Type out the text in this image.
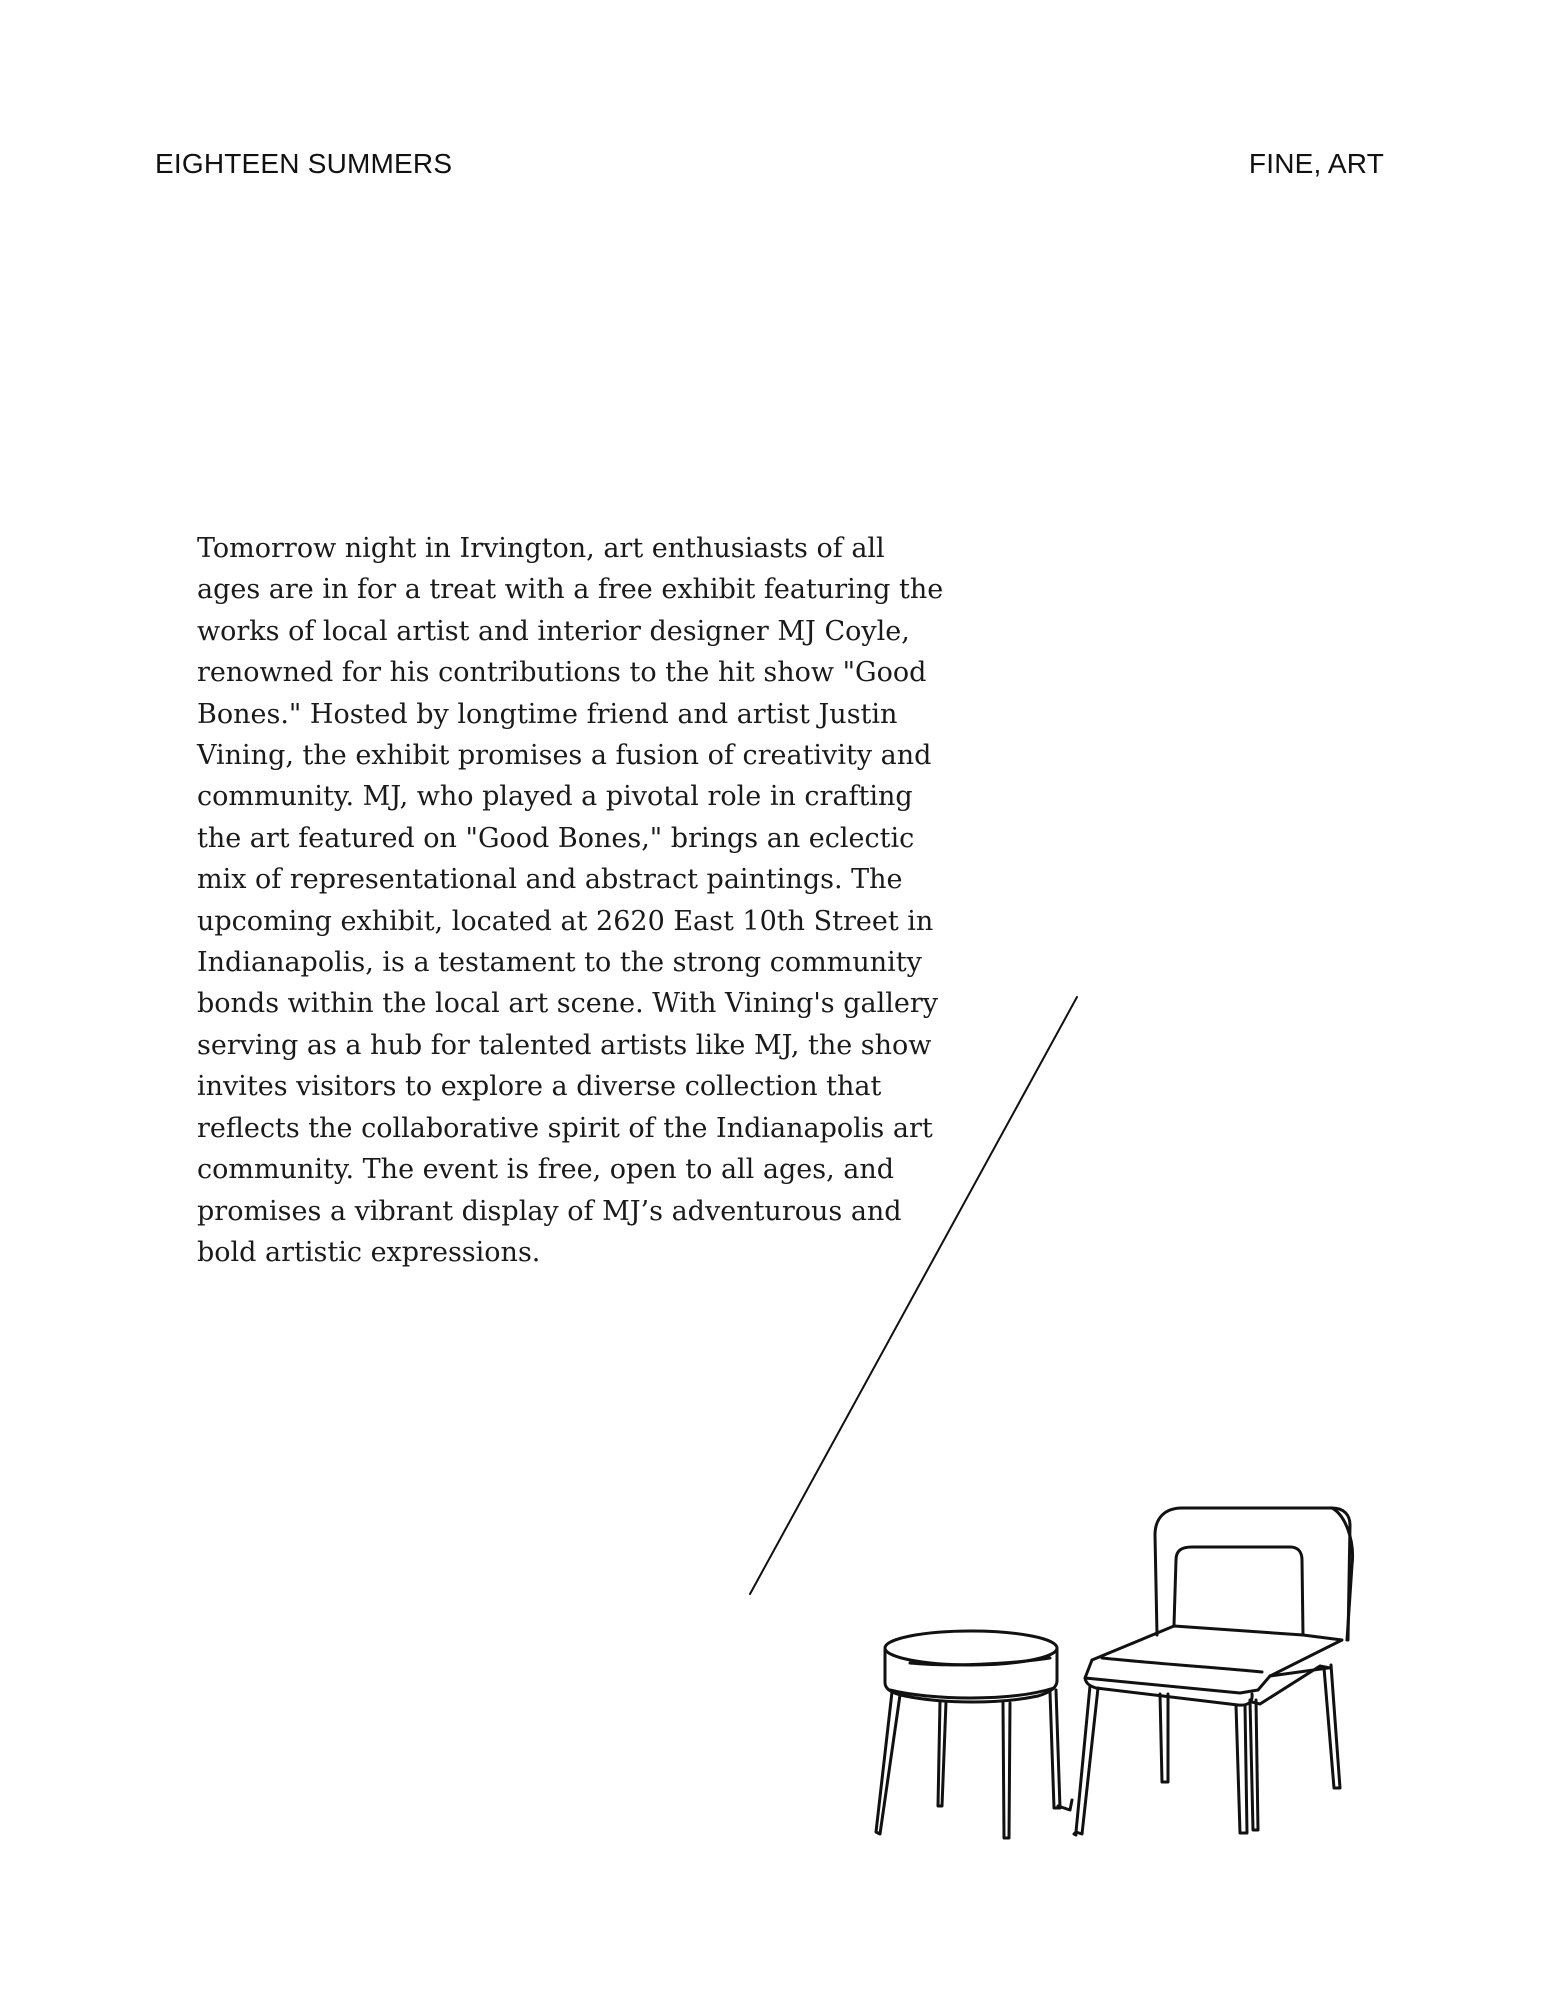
EIGHTEEN SUMMERS	FINE, ART
Tomorrow night in Irvington, art enthusiasts of all
ages are in for a treat with a free exhibit featuring the
works of local artist and interior designer MJ Coyle,
renowned for his contributions to the hit show "Good
Bones." Hosted by longtime friend and artist Justin
Vining, the exhibit promises a fusion of creativity and
community. MJ, who played a pivotal role in crafting
the art featured on "Good Bones," brings an eclectic
mix of representational and abstract paintings. The
upcoming exhibit, located at 2620 East 10th Street in
Indianapolis, is a testament to the strong community
bonds within the local art scene. With Vining's gallery
serving as a hub for talented artists like MJ, the show
invites visitors to explore a diverse collection that
reflects the collaborative spirit of the Indianapolis art
community. The event is free, open to all ages, and
promises a vibrant display of MJ’s adventurous and
bold artistic expressions.
